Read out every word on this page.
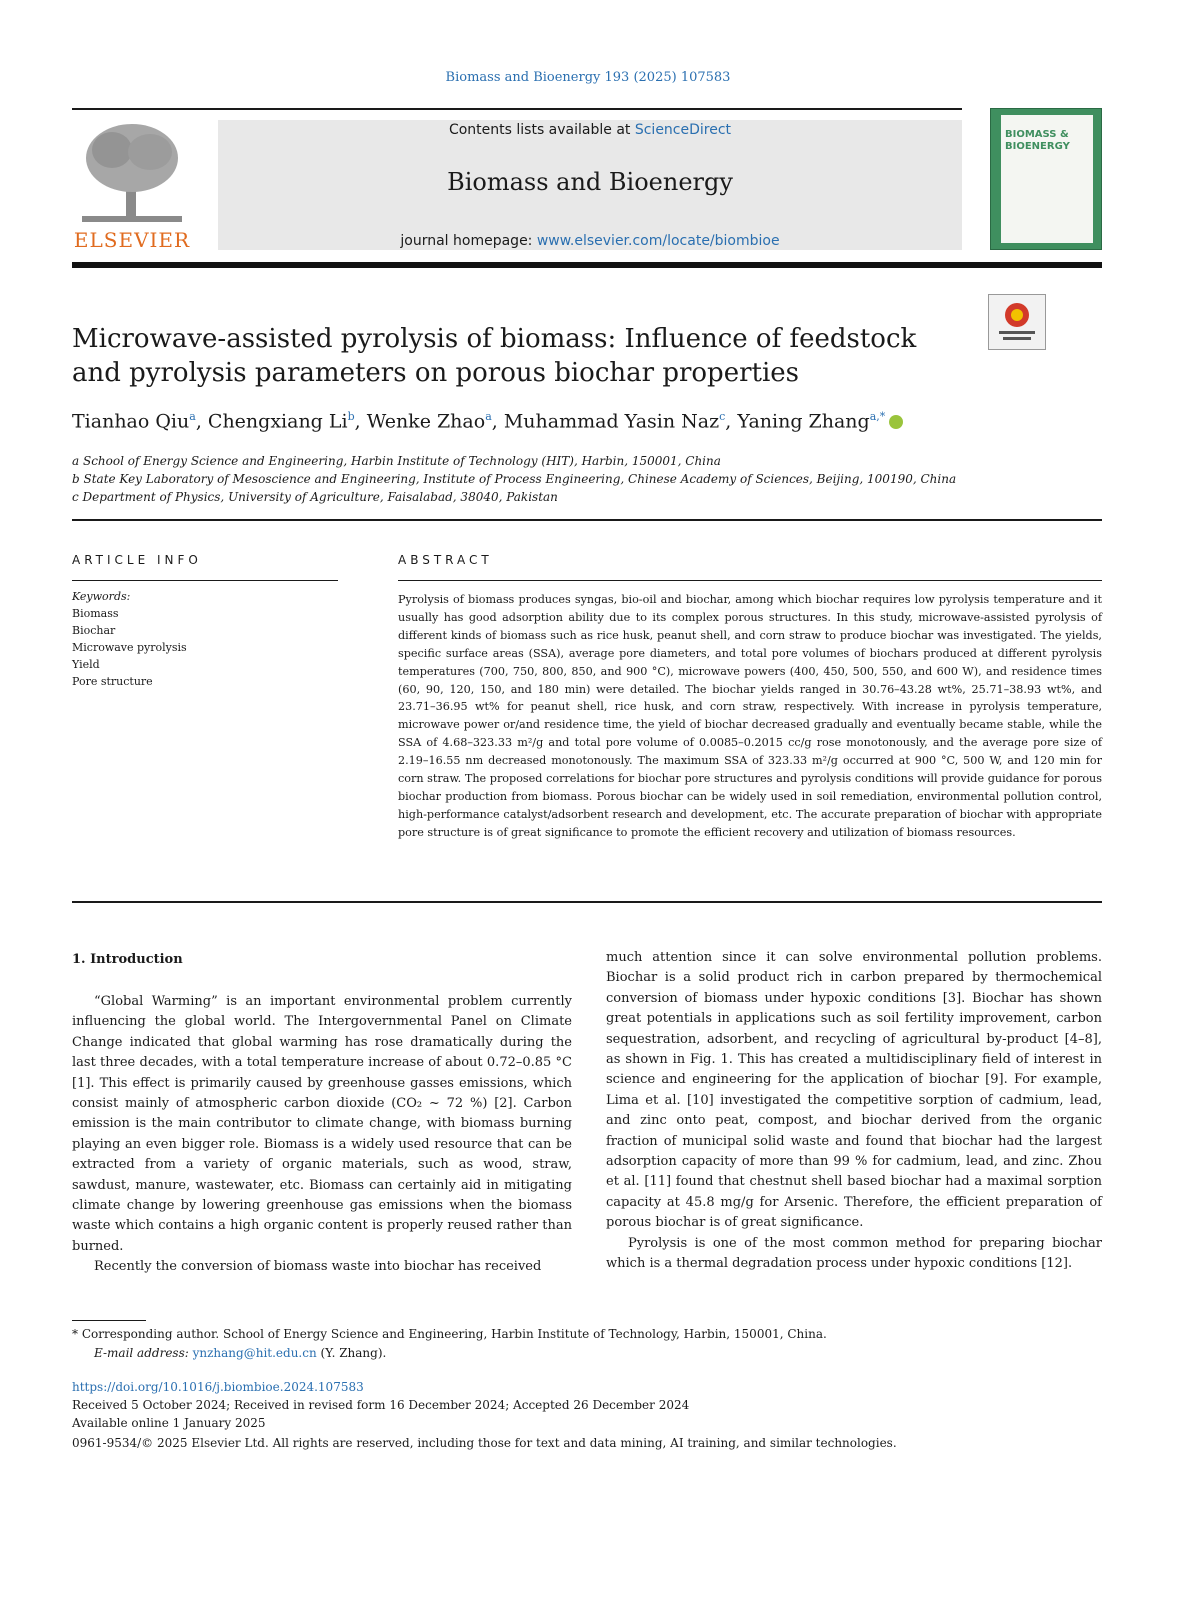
Biomass and Bioenergy 193 (2025) 107583
ELSEVIER
Contents lists available at ScienceDirect
Biomass and Bioenergy
journal homepage: www.elsevier.com/locate/biombioe
BIOMASS & BIOENERGY
Microwave-assisted pyrolysis of biomass: Influence of feedstock and pyrolysis parameters on porous biochar properties
Tianhao Qiu$^a$, Chengxiang Li$^b$, Wenke Zhao$^a$, Muhammad Yasin Naz$^c$, Yaning Zhang$^{a,*}$
a School of Energy Science and Engineering, Harbin Institute of Technology (HIT), Harbin, 150001, China
b State Key Laboratory of Mesoscience and Engineering, Institute of Process Engineering, Chinese Academy of Sciences, Beijing, 100190, China
c Department of Physics, University of Agriculture, Faisalabad, 38040, Pakistan
ARTICLE INFO
Keywords:
Biomass
Biochar
Microwave pyrolysis
Yield
Pore structure
ABSTRACT
Pyrolysis of biomass produces syngas, bio-oil and biochar, among which biochar requires low pyrolysis temperature and it usually has good adsorption ability due to its complex porous structures. In this study, microwave-assisted pyrolysis of different kinds of biomass such as rice husk, peanut shell, and corn straw to produce biochar was investigated. The yields, specific surface areas (SSA), average pore diameters, and total pore volumes of biochars produced at different pyrolysis temperatures (700, 750, 800, 850, and 900 °C), microwave powers (400, 450, 500, 550, and 600 W), and residence times (60, 90, 120, 150, and 180 min) were detailed. The biochar yields ranged in 30.76–43.28 wt%, 25.71–38.93 wt%, and 23.71–36.95 wt% for peanut shell, rice husk, and corn straw, respectively. With increase in pyrolysis temperature, microwave power or/and residence time, the yield of biochar decreased gradually and eventually became stable, while the SSA of 4.68–323.33 m²/g and total pore volume of 0.0085–0.2015 cc/g rose monotonously, and the average pore size of 2.19–16.55 nm decreased monotonously. The maximum SSA of 323.33 m²/g occurred at 900 °C, 500 W, and 120 min for corn straw. The proposed correlations for biochar pore structures and pyrolysis conditions will provide guidance for porous biochar production from biomass. Porous biochar can be widely used in soil remediation, environmental pollution control, high-performance catalyst/adsorbent research and development, etc. The accurate preparation of biochar with appropriate pore structure is of great significance to promote the efficient recovery and utilization of biomass resources.
1. Introduction

“Global Warming” is an important environmental problem currently influencing the global world. The Intergovernmental Panel on Climate Change indicated that global warming has rose dramatically during the last three decades, with a total temperature increase of about 0.72–0.85 °C [1]. This effect is primarily caused by greenhouse gasses emissions, which consist mainly of atmospheric carbon dioxide (CO₂ ~ 72 %) [2]. Carbon emission is the main contributor to climate change, with biomass burning playing an even bigger role. Biomass is a widely used resource that can be extracted from a variety of organic materials, such as wood, straw, sawdust, manure, wastewater, etc. Biomass can certainly aid in mitigating climate change by lowering greenhouse gas emissions when the biomass waste which contains a high organic content is properly reused rather than burned.

Recently the conversion of biomass waste into biochar has received

much attention since it can solve environmental pollution problems. Biochar is a solid product rich in carbon prepared by thermochemical conversion of biomass under hypoxic conditions [3]. Biochar has shown great potentials in applications such as soil fertility improvement, carbon sequestration, adsorbent, and recycling of agricultural by-product [4–8], as shown in Fig. 1. This has created a multidisciplinary field of interest in science and engineering for the application of biochar [9]. For example, Lima et al. [10] investigated the competitive sorption of cadmium, lead, and zinc onto peat, compost, and biochar derived from the organic fraction of municipal solid waste and found that biochar had the largest adsorption capacity of more than 99 % for cadmium, lead, and zinc. Zhou et al. [11] found that chestnut shell based biochar had a maximal sorption capacity at 45.8 mg/g for Arsenic. Therefore, the efficient preparation of porous biochar is of great significance.

Pyrolysis is one of the most common method for preparing biochar which is a thermal degradation process under hypoxic conditions [12].

* Corresponding author. School of Energy Science and Engineering, Harbin Institute of Technology, Harbin, 150001, China.
E-mail address: ynzhang@hit.edu.cn (Y. Zhang).
https://doi.org/10.1016/j.biombioe.2024.107583
Received 5 October 2024; Received in revised form 16 December 2024; Accepted 26 December 2024
Available online 1 January 2025
0961-9534/© 2025 Elsevier Ltd. All rights are reserved, including those for text and data mining, AI training, and similar technologies.
